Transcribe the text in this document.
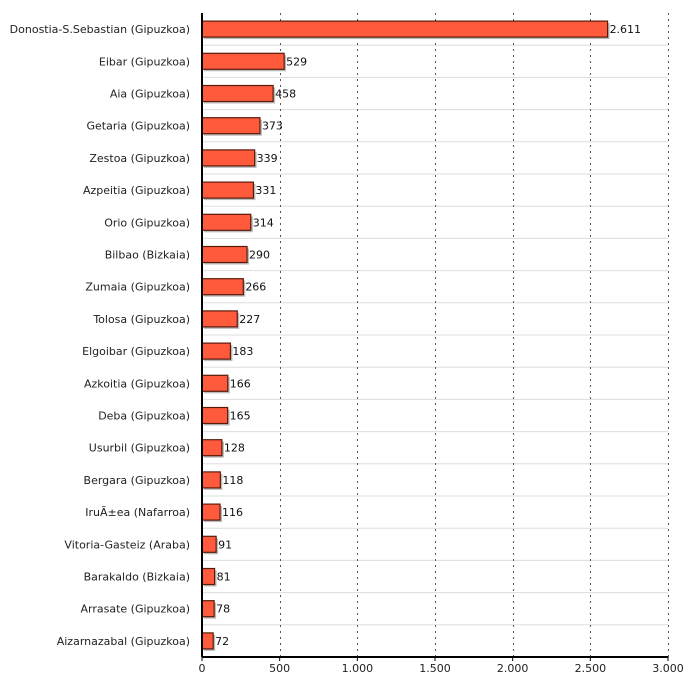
2.611
529
458
373
339
331
314
290
266
227
183
166
165
128
118
116
91
81
78
72
Donostia-S.Sebastian (Gipuzkoa)
Eibar (Gipuzkoa)
Aia (Gipuzkoa)
Getaria (Gipuzkoa)
Zestoa (Gipuzkoa)
Azpeitia (Gipuzkoa)
Orio (Gipuzkoa)
Bilbao (Bizkaia)
Zumaia (Gipuzkoa)
Tolosa (Gipuzkoa)
Elgoibar (Gipuzkoa)
Azkoitia (Gipuzkoa)
Deba (Gipuzkoa)
Usurbil (Gipuzkoa)
Bergara (Gipuzkoa)
IruÃ±ea (Nafarroa)
Vitoria-Gasteiz (Araba)
Barakaldo (Bizkaia)
Arrasate (Gipuzkoa)
Aizarnazabal (Gipuzkoa)
0	500	1.000	1.500	2.000	2.500	3.000
